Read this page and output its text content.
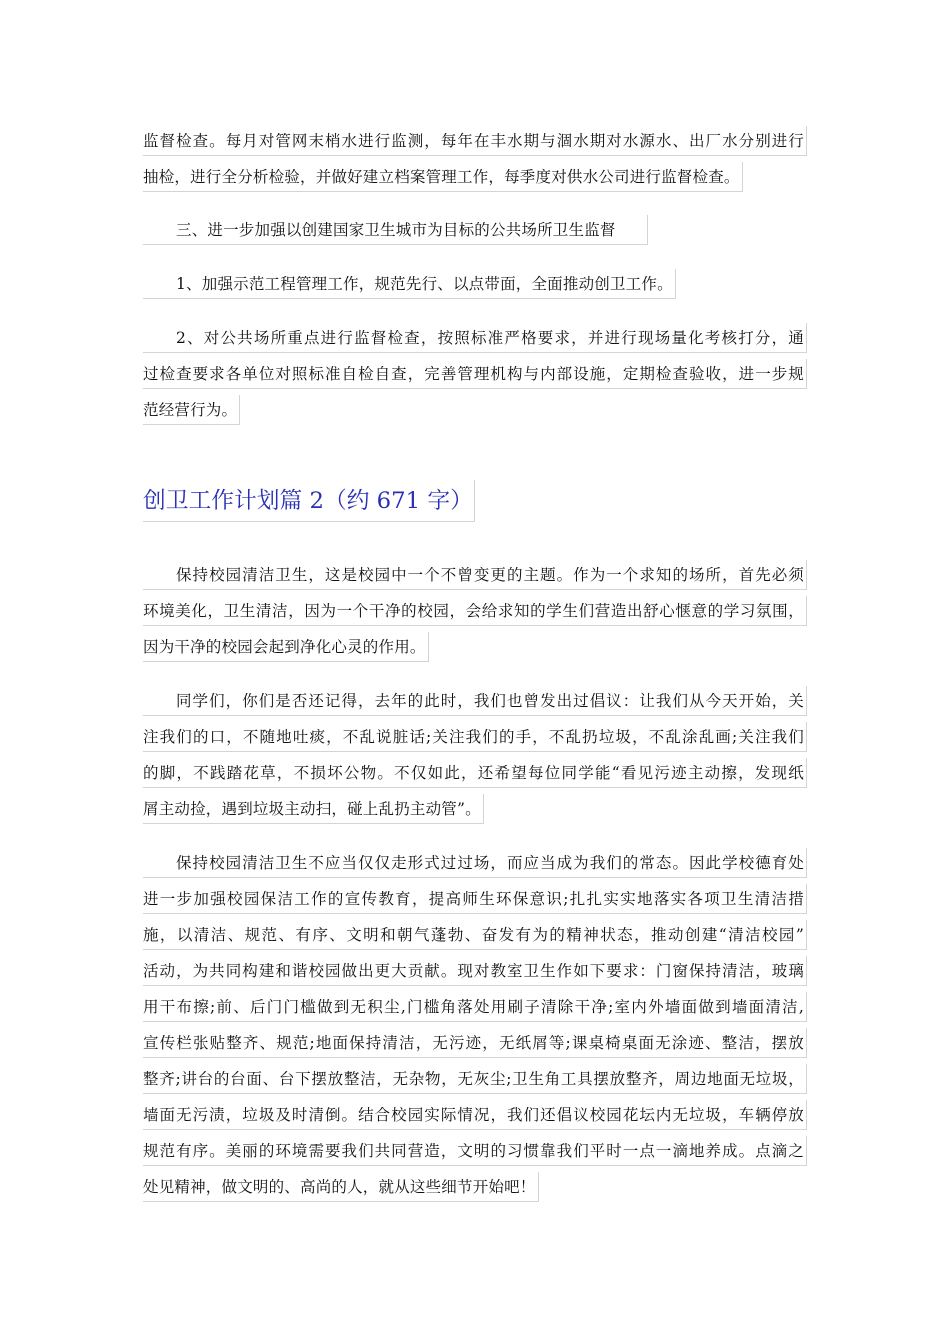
监督检查。每月对管网末梢水进行监测，每年在丰水期与涸水期对水源水、出厂水分别进行
抽检，进行全分析检验，并做好建立档案管理工作，每季度对供水公司进行监督检查。
三、进一步加强以创建国家卫生城市为目标的公共场所卫生监督
1、加强示范工程管理工作，规范先行、以点带面，全面推动创卫工作。
2、对公共场所重点进行监督检查，按照标准严格要求，并进行现场量化考核打分，通
过检查要求各单位对照标准自检自查，完善管理机构与内部设施，定期检查验收，进一步规
范经营行为。
创卫工作计划篇 2（约 671 字）
保持校园清洁卫生，这是校园中一个不曾变更的主题。作为一个求知的场所，首先必须
环境美化，卫生清洁，因为一个干净的校园，会给求知的学生们营造出舒心惬意的学习氛围，
因为干净的校园会起到净化心灵的作用。
同学们，你们是否还记得，去年的此时，我们也曾发出过倡议：让我们从今天开始，关
注我们的口，不随地吐痰，不乱说脏话;关注我们的手，不乱扔垃圾，不乱涂乱画;关注我们
的脚，不践踏花草，不损坏公物。不仅如此，还希望每位同学能“看见污迹主动擦，发现纸
屑主动捡，遇到垃圾主动扫，碰上乱扔主动管”。
保持校园清洁卫生不应当仅仅走形式过过场，而应当成为我们的常态。因此学校德育处
进一步加强校园保洁工作的宣传教育，提高师生环保意识;扎扎实实地落实各项卫生清洁措
施，以清洁、规范、有序、文明和朝气蓬勃、奋发有为的精神状态，推动创建“清洁校园”
活动，为共同构建和谐校园做出更大贡献。现对教室卫生作如下要求：门窗保持清洁，玻璃
用干布擦;前、后门门槛做到无积尘,门槛角落处用刷子清除干净;室内外墙面做到墙面清洁,
宣传栏张贴整齐、规范;地面保持清洁，无污迹，无纸屑等;课桌椅桌面无涂迹、整洁，摆放
整齐;讲台的台面、台下摆放整洁，无杂物，无灰尘;卫生角工具摆放整齐，周边地面无垃圾，
墙面无污渍，垃圾及时清倒。结合校园实际情况，我们还倡议校园花坛内无垃圾，车辆停放
规范有序。美丽的环境需要我们共同营造，文明的习惯靠我们平时一点一滴地养成。点滴之
处见精神，做文明的、高尚的人，就从这些细节开始吧！
